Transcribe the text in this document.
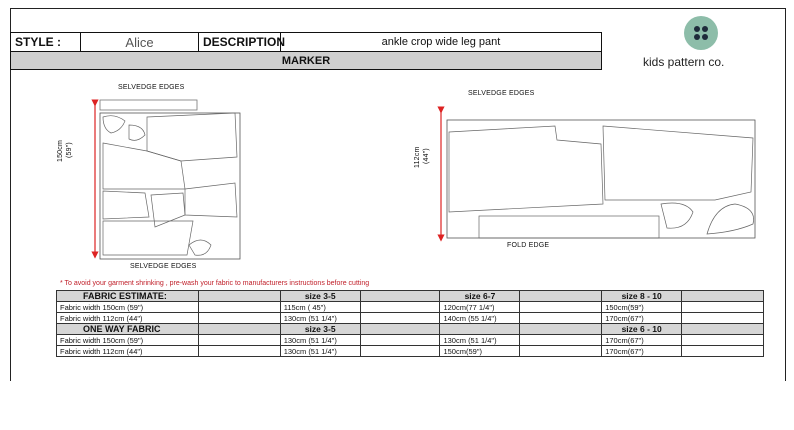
kids pattern co.
STYLE :	Alice	DESCRIPTION	ankle crop wide leg pant
MARKER
SELVEDGE EDGES
SELVEDGE EDGES
150cm (59")
SELVEDGE EDGES
FOLD EDGE
112cm (44")
* To avoid your garment shrinking , pre-wash your fabric to manufacturers instructions before cutting
FABRIC ESTIMATE:		size 3-5		size 6-7		size 8 - 10	
Fabric width 150cm (59")		115cm ( 45")		120cm(77 1/4")		150cm(59")	
Fabric width 112cm (44")		130cm (51 1/4")		140cm (55 1/4")		170cm(67")	
ONE WAY FABRIC		size 3-5				size 6 - 10	
Fabric width 150cm (59")		130cm (51 1/4")		130cm (51 1/4")		170cm(67")	
Fabric width 112cm (44")		130cm (51 1/4")		150cm(59")		170cm(67")	
